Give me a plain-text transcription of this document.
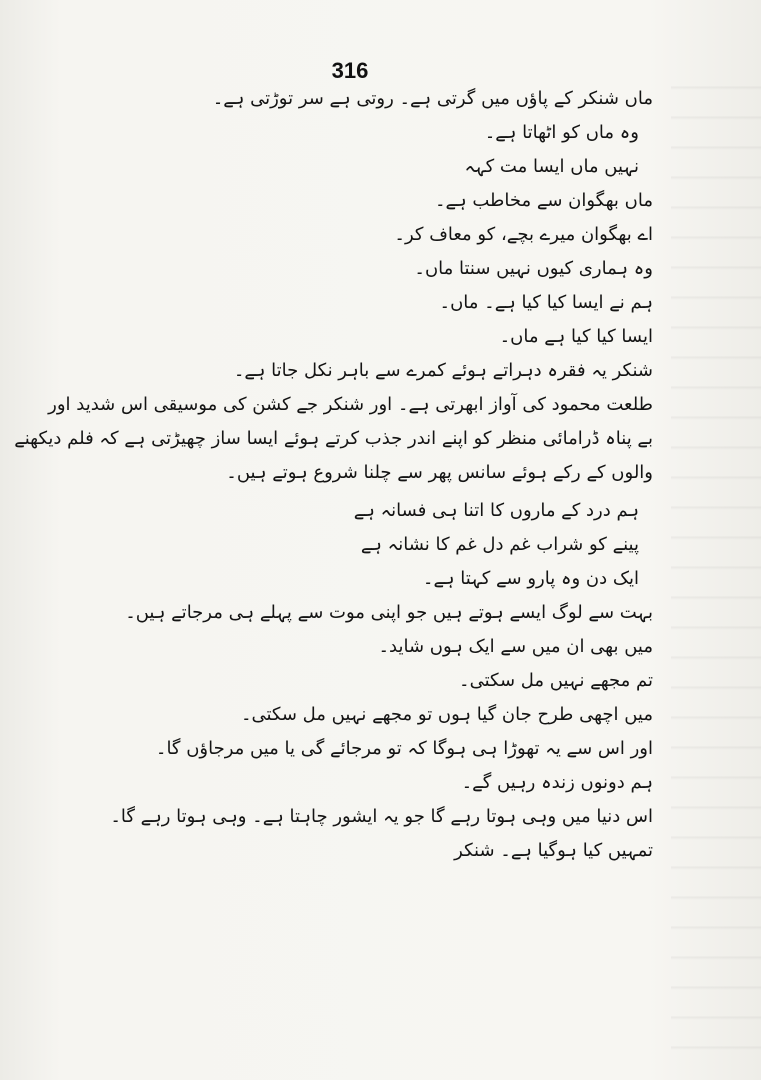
316
ماں شنکر کے پاؤں میں گرتی ہے۔ روتی ہے سر توڑتی ہے۔
وہ ماں کو اٹھاتا ہے۔
نہیں ماں ایسا مت کہہ
ماں بھگوان سے مخاطب ہے۔
اے بھگوان میرے بچے، کو معاف کر۔
وہ ہماری کیوں نہیں سنتا ماں۔
ہم نے ایسا کیا کیا ہے۔ ماں۔
ایسا کیا کیا ہے ماں۔
شنکر یہ فقرہ دہراتے ہوئے کمرے سے باہر نکل جاتا ہے۔
طلعت محمود کی آواز ابھرتی ہے۔ اور شنکر جے کشن کی موسیقی اس شدید اور
بے پناہ ڈرامائی منظر کو اپنے اندر جذب کرتے ہوئے ایسا ساز چھیڑتی ہے کہ فلم دیکھنے
والوں کے رکے ہوئے سانس پھر سے چلنا شروع ہوتے ہیں۔
ہم درد کے ماروں کا اتنا ہی فسانہ ہے
پینے کو شراب غم دل غم کا نشانہ ہے
ایک دن وہ پارو سے کہتا ہے۔
بہت سے لوگ ایسے ہوتے ہیں جو اپنی موت سے پہلے ہی مرجاتے ہیں۔
میں بھی ان میں سے ایک ہوں شاید۔
تم مجھے نہیں مل سکتی۔
میں اچھی طرح جان گیا ہوں تو مجھے نہیں مل سکتی۔
اور اس سے یہ تھوڑا ہی ہوگا کہ تو مرجائے گی یا میں مرجاؤں گا۔
ہم دونوں زندہ رہیں گے۔
اس دنیا میں وہی ہوتا رہے گا جو یہ ایشور چاہتا ہے۔ وہی ہوتا رہے گا۔
تمہیں کیا ہوگیا ہے۔ شنکر
